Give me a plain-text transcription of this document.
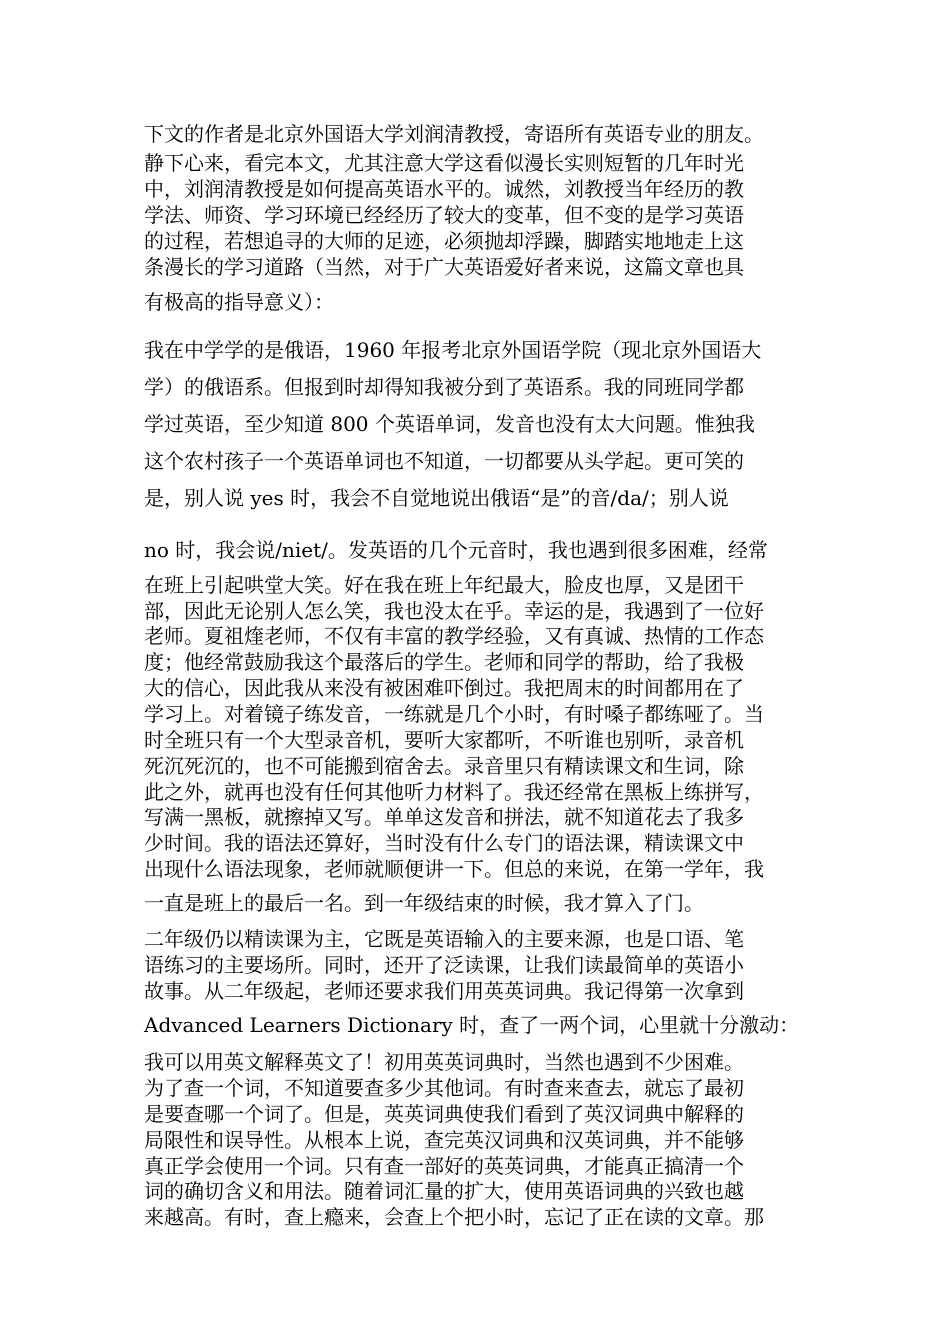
下文的作者是北京外国语大学刘润清教授，寄语所有英语专业的朋友。

静下心来，看完本文，尤其注意大学这看似漫长实则短暂的几年时光

中，刘润清教授是如何提高英语水平的。诚然，刘教授当年经历的教

学法、师资、学习环境已经经历了较大的变革，但不变的是学习英语

的过程，若想追寻的大师的足迹，必须抛却浮躁，脚踏实地地走上这

条漫长的学习道路（当然，对于广大英语爱好者来说，这篇文章也具

有极高的指导意义）：

我在中学学的是俄语，1960 年报考北京外国语学院（现北京外国语大

学）的俄语系。但报到时却得知我被分到了英语系。我的同班同学都

学过英语，至少知道 800 个英语单词，发音也没有太大问题。惟独我

这个农村孩子一个英语单词也不知道，一切都要从头学起。更可笑的

是，别人说 yes 时，我会不自觉地说出俄语“是”的音/da/；别人说

no 时，我会说/niet/。发英语的几个元音时，我也遇到很多困难，经常

在班上引起哄堂大笑。好在我在班上年纪最大，脸皮也厚，又是团干

部，因此无论别人怎么笑，我也没太在乎。幸运的是，我遇到了一位好

老师。夏祖煃老师，不仅有丰富的教学经验，又有真诚、热情的工作态

度；他经常鼓励我这个最落后的学生。老师和同学的帮助，给了我极

大的信心，因此我从来没有被困难吓倒过。我把周末的时间都用在了

学习上。对着镜子练发音，一练就是几个小时，有时嗓子都练哑了。当

时全班只有一个大型录音机，要听大家都听，不听谁也别听，录音机

死沉死沉的，也不可能搬到宿舍去。录音里只有精读课文和生词，除

此之外，就再也没有任何其他听力材料了。我还经常在黑板上练拼写，

写满一黑板，就擦掉又写。单单这发音和拼法，就不知道花去了我多

少时间。我的语法还算好，当时没有什么专门的语法课，精读课文中

出现什么语法现象，老师就顺便讲一下。但总的来说，在第一学年，我

一直是班上的最后一名。到一年级结束的时候，我才算入了门。

二年级仍以精读课为主，它既是英语输入的主要来源，也是口语、笔

语练习的主要场所。同时，还开了泛读课，让我们读最简单的英语小

故事。从二年级起，老师还要求我们用英英词典。我记得第一次拿到

Advanced Learners Dictionary 时，查了一两个词，心里就十分激动：

我可以用英文解释英文了！初用英英词典时，当然也遇到不少困难。

为了查一个词，不知道要查多少其他词。有时查来查去，就忘了最初

是要查哪一个词了。但是，英英词典使我们看到了英汉词典中解释的

局限性和误导性。从根本上说，查完英汉词典和汉英词典，并不能够

真正学会使用一个词。只有查一部好的英英词典，才能真正搞清一个

词的确切含义和用法。随着词汇量的扩大，使用英语词典的兴致也越

来越高。有时，查上瘾来，会查上个把小时，忘记了正在读的文章。那
